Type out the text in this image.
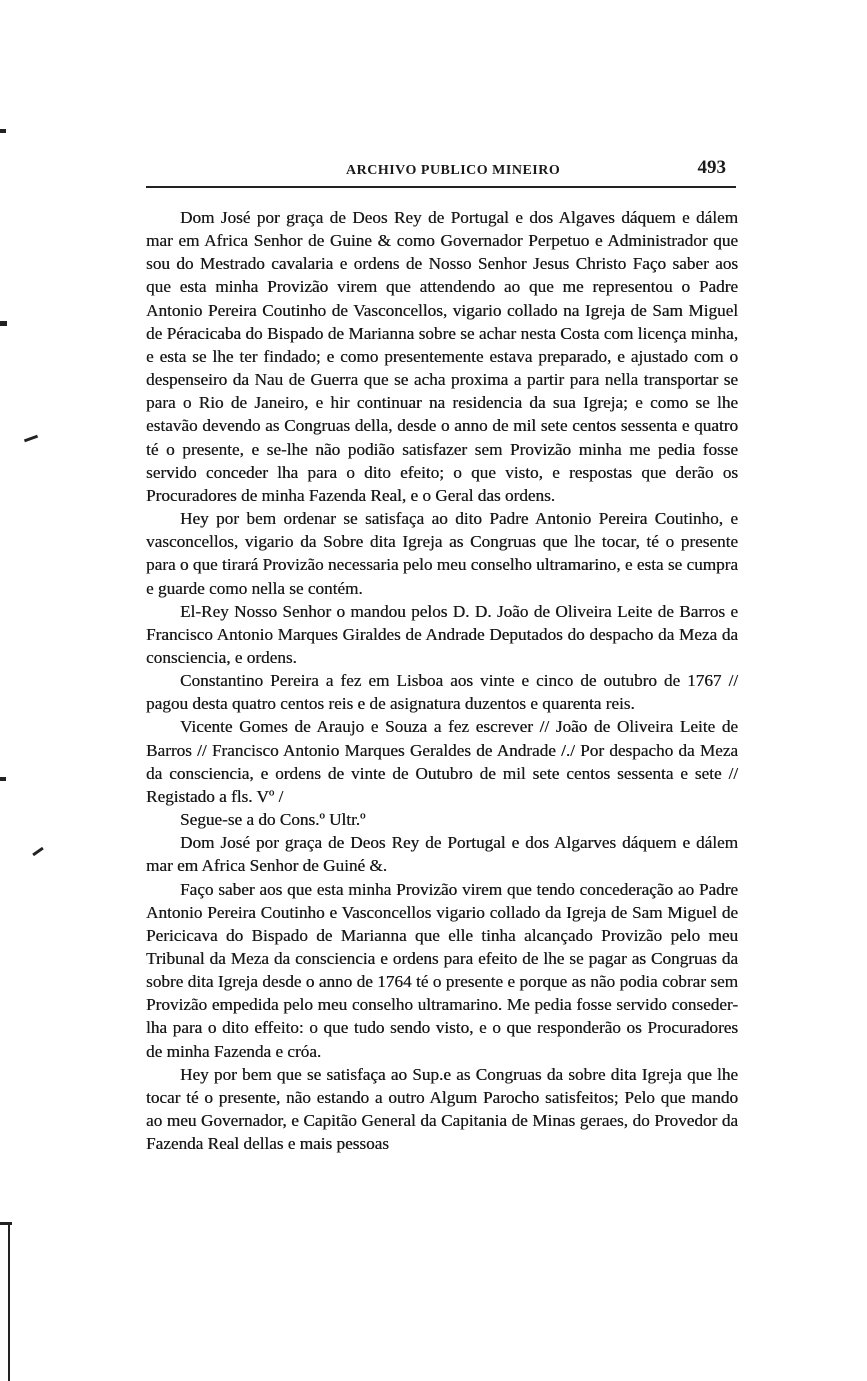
ARCHIVO PUBLICO MINEIRO	493

Dom José por graça de Deos Rey de Portugal e dos Algaves dáquem e dálem mar em Africa Senhor de Guine & como Governador Perpetuo e Administrador que sou do Mestrado cavalaria e ordens de Nosso Senhor Jesus Christo Faço saber aos que esta minha Provizão virem que attendendo ao que me representou o Padre Antonio Pereira Coutinho de Vasconcellos, vigario collado na Igreja de Sam Miguel de Péracicaba do Bispado de Marianna sobre se achar nesta Costa com licença minha, e esta se lhe ter findado; e como presentemente estava preparado, e ajustado com o despenseiro da Nau de Guerra que se acha proxima a partir para nella transportar se para o Rio de Janeiro, e hir continuar na residencia da sua Igreja; e como se lhe estavão devendo as Congruas della, desde o anno de mil sete centos sessenta e quatro té o presente, e se-lhe não podião satisfazer sem Provizão minha me pedia fosse servido conceder lha para o dito efeito; o que visto, e respostas que derão os Procuradores de minha Fazenda Real, e o Geral das ordens.

Hey por bem ordenar se satisfaça ao dito Padre Antonio Pereira Coutinho, e vasconcellos, vigario da Sobre dita Igreja as Congruas que lhe tocar, té o presente para o que tirará Provizão necessaria pelo meu conselho ultramarino, e esta se cumpra e guarde como nella se contém.

El-Rey Nosso Senhor o mandou pelos D. D. João de Oliveira Leite de Barros e Francisco Antonio Marques Giraldes de Andrade Deputados do despacho da Meza da consciencia, e ordens.

Constantino Pereira a fez em Lisboa aos vinte e cinco de outubro de 1767 // pagou desta quatro centos reis e de asignatura duzentos e quarenta reis.

Vicente Gomes de Araujo e Souza a fez escrever // João de Oliveira Leite de Barros // Francisco Antonio Marques Geraldes de Andrade /./ Por despacho da Meza da consciencia, e ordens de vinte de Outubro de mil sete centos sessenta e sete // Registado a fls. Vº /

Segue-se a do Cons.º Ultr.º

Dom José por graça de Deos Rey de Portugal e dos Algarves dáquem e dálem mar em Africa Senhor de Guiné &.

Faço saber aos que esta minha Provizão virem que tendo concederação ao Padre Antonio Pereira Coutinho e Vasconcellos vigario collado da Igreja de Sam Miguel de Pericicava do Bispado de Marianna que elle tinha alcançado Provizão pelo meu Tribunal da Meza da consciencia e ordens para efeito de lhe se pagar as Congruas da sobre dita Igreja desde o anno de 1764 té o presente e porque as não podia cobrar sem Provizão empedida pelo meu conselho ultramarino. Me pedia fosse servido conseder-lha para o dito effeito: o que tudo sendo visto, e o que responderão os Procuradores de minha Fazenda e cróa.

Hey por bem que se satisfaça ao Sup.e as Congruas da sobre dita Igreja que lhe tocar té o presente, não estando a outro Algum Parocho satisfeitos; Pelo que mando ao meu Governador, e Capitão General da Capitania de Minas geraes, do Provedor da Fazenda Real dellas e mais pessoas
